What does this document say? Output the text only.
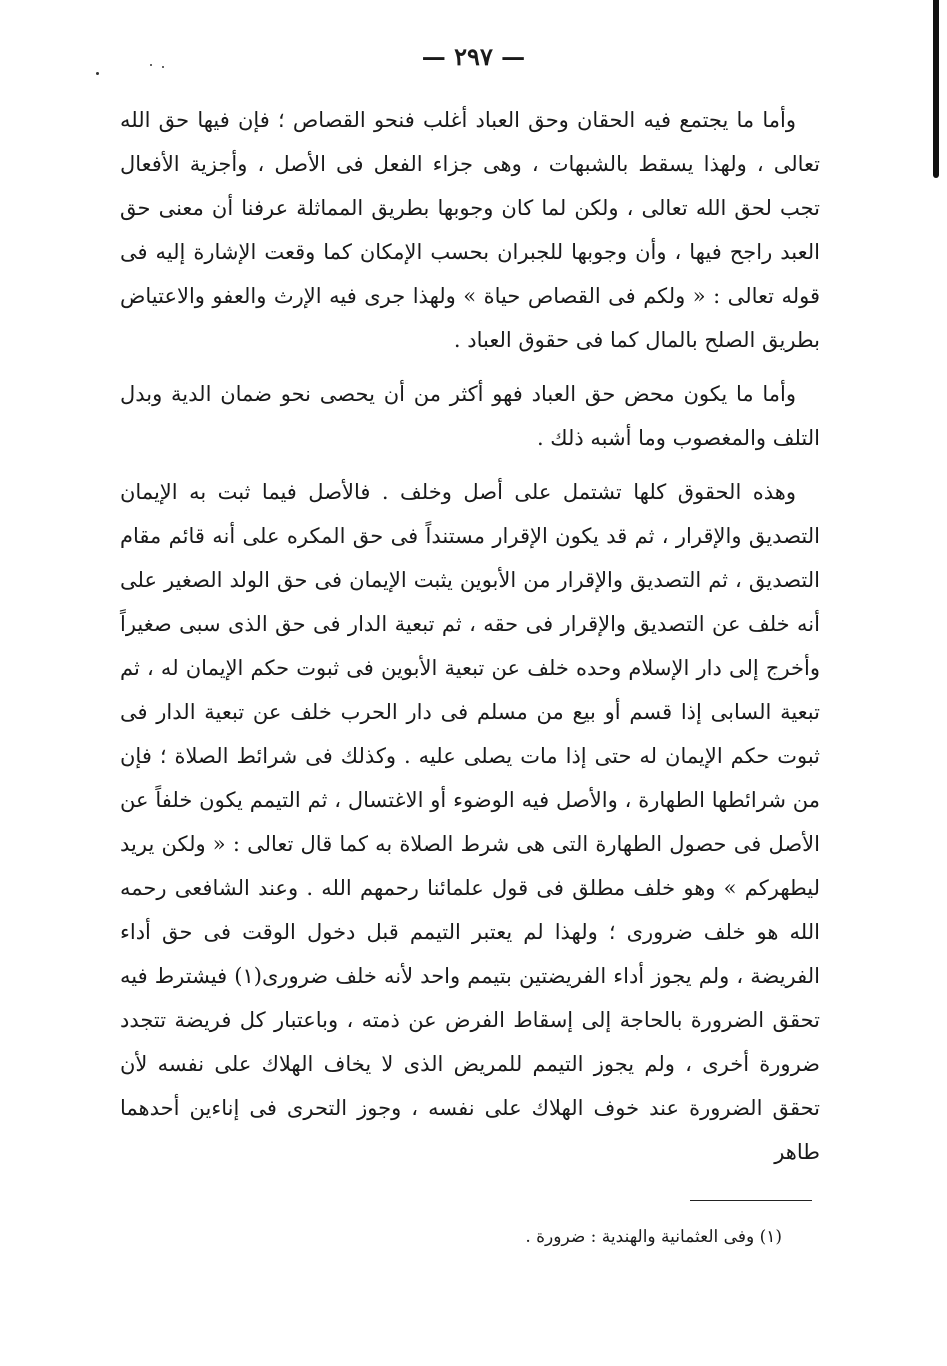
— ٢٩٧ —

وأما ما يجتمع فيه الحقان وحق العباد أغلب فنحو القصاص ؛ فإن فيها حق الله تعالى ، ولهذا يسقط بالشبهات ، وهى جزاء الفعل فى الأصل ، وأجزية الأفعال تجب لحق الله تعالى ، ولكن لما كان وجوبها بطريق المماثلة عرفنا أن معنى حق العبد راجح فيها ، وأن وجوبها للجبران بحسب الإمكان كما وقعت الإشارة إليه فى قوله تعالى : « ولكم فى القصاص حياة » ولهذا جرى فيه الإرث والعفو والاعتياض بطريق الصلح بالمال كما فى حقوق العباد .

وأما ما يكون محض حق العباد فهو أكثر من أن يحصى نحو ضمان الدية وبدل التلف والمغصوب وما أشبه ذلك .

وهذه الحقوق كلها تشتمل على أصل وخلف . فالأصل فيما ثبت به الإيمان التصديق والإقرار ، ثم قد يكون الإقرار مستنداً فى حق المكره على أنه قائم مقام التصديق ، ثم التصديق والإقرار من الأبوين يثبت الإيمان فى حق الولد الصغير على أنه خلف عن التصديق والإقرار فى حقه ، ثم تبعية الدار فى حق الذى سبى صغيراً وأخرج إلى دار الإسلام وحده خلف عن تبعية الأبوين فى ثبوت حكم الإيمان له ، ثم تبعية السابى إذا قسم أو بيع من مسلم فى دار الحرب خلف عن تبعية الدار فى ثبوت حكم الإيمان له حتى إذا مات يصلى عليه . وكذلك فى شرائط الصلاة ؛ فإن من شرائطها الطهارة ، والأصل فيه الوضوء أو الاغتسال ، ثم التيمم يكون خلفاً عن الأصل فى حصول الطهارة التى هى شرط الصلاة به كما قال تعالى : « ولكن يريد ليطهركم » وهو خلف مطلق فى قول علمائنا رحمهم الله . وعند الشافعى رحمه الله هو خلف ضرورى ؛ ولهذا لم يعتبر التيمم قبل دخول الوقت فى حق أداء الفريضة ، ولم يجوز أداء الفريضتين بتيمم واحد لأنه خلف ضرورى(١) فيشترط فيه تحقق الضرورة بالحاجة إلى إسقاط الفرض عن ذمته ، وباعتبار كل فريضة تتجدد ضرورة أخرى ، ولم يجوز التيمم للمريض الذى لا يخاف الهلاك على نفسه لأن تحقق الضرورة عند خوف الهلاك على نفسه ، وجوز التحرى فى إناءين أحدهما طاهر

(١) وفى العثمانية والهندية : ضرورة .
